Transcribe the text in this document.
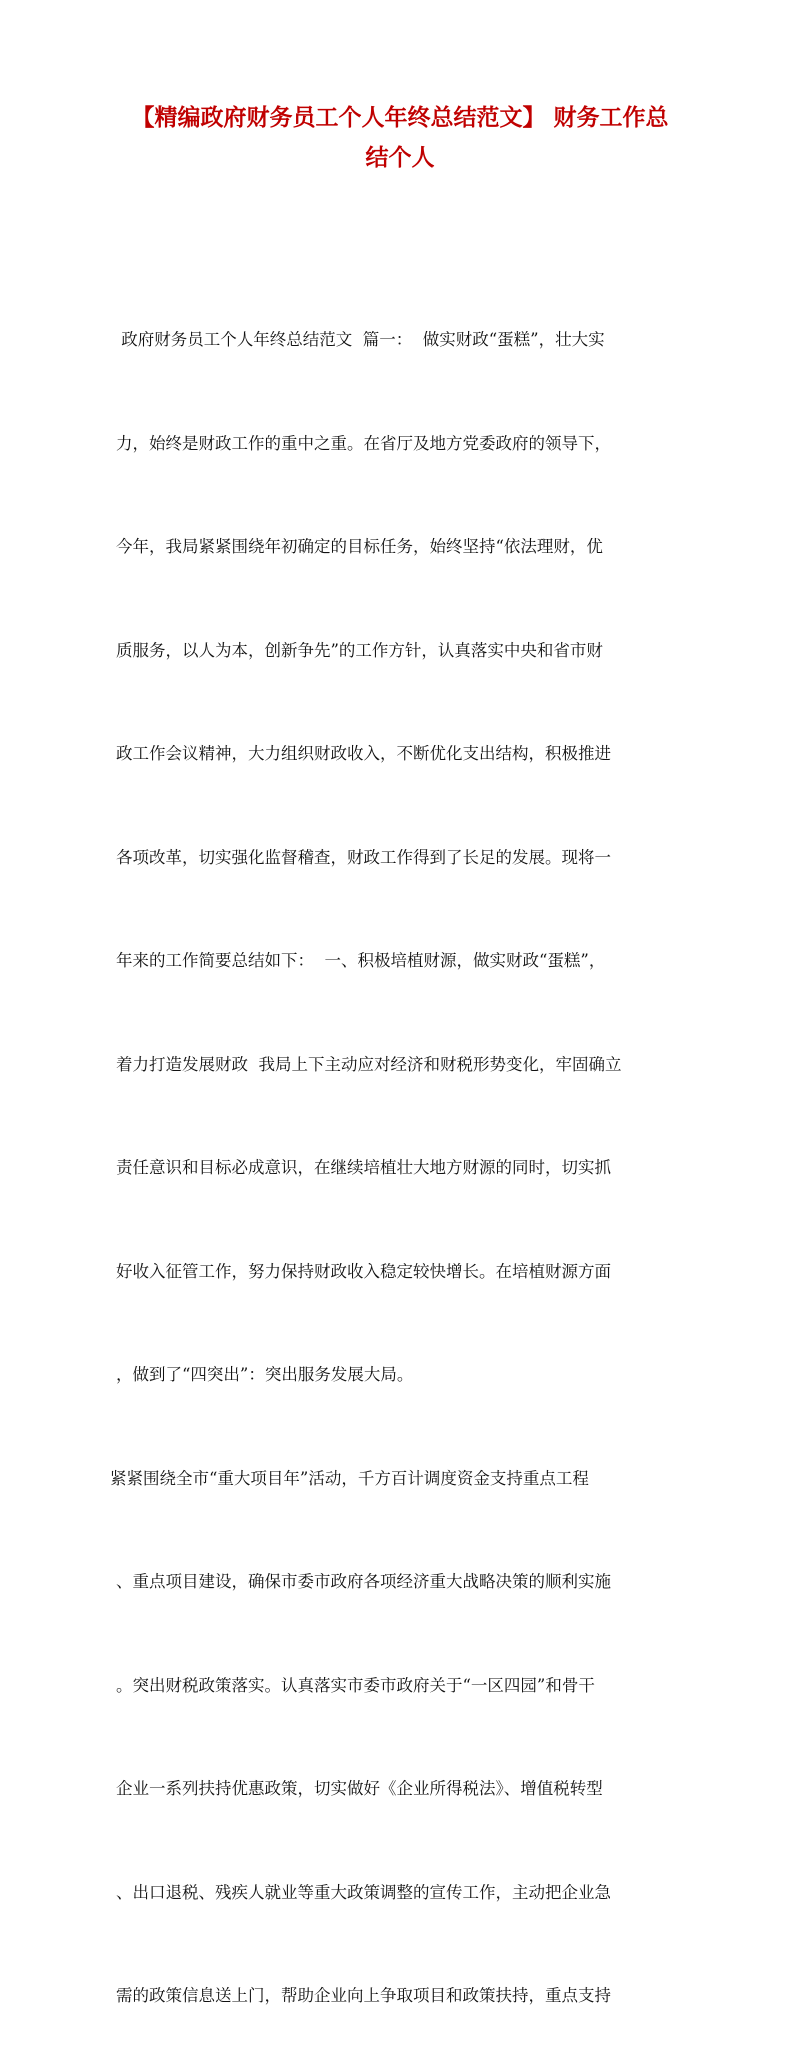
【精编政府财务员工个人年终总结范文】 财务工作总
结个人

政府财务员工个人年终总结范文  篇一：  做实财政“蛋糕”，壮大实

力，始终是财政工作的重中之重。在省厅及地方党委政府的领导下，

今年，我局紧紧围绕年初确定的目标任务，始终坚持“依法理财，优

质服务，以人为本，创新争先”的工作方针，认真落实中央和省市财

政工作会议精神，大力组织财政收入，不断优化支出结构，积极推进

各项改革，切实强化监督稽查，财政工作得到了长足的发展。现将一

年来的工作简要总结如下：  一、积极培植财源，做实财政“蛋糕”，

着力打造发展财政  我局上下主动应对经济和财税形势变化，牢固确立

责任意识和目标必成意识，在继续培植壮大地方财源的同时，切实抓

好收入征管工作，努力保持财政收入稳定较快增长。在培植财源方面

，做到了“四突出”：突出服务发展大局。

紧紧围绕全市“重大项目年”活动，千方百计调度资金支持重点工程

、重点项目建设，确保市委市政府各项经济重大战略决策的顺利实施

。突出财税政策落实。认真落实市委市政府关于“一区四园”和骨干

企业一系列扶持优惠政策，切实做好《企业所得税法》、增值税转型

、出口退税、残疾人就业等重大政策调整的宣传工作，主动把企业急

需的政策信息送上门，帮助企业向上争取项目和政策扶持，重点支持
